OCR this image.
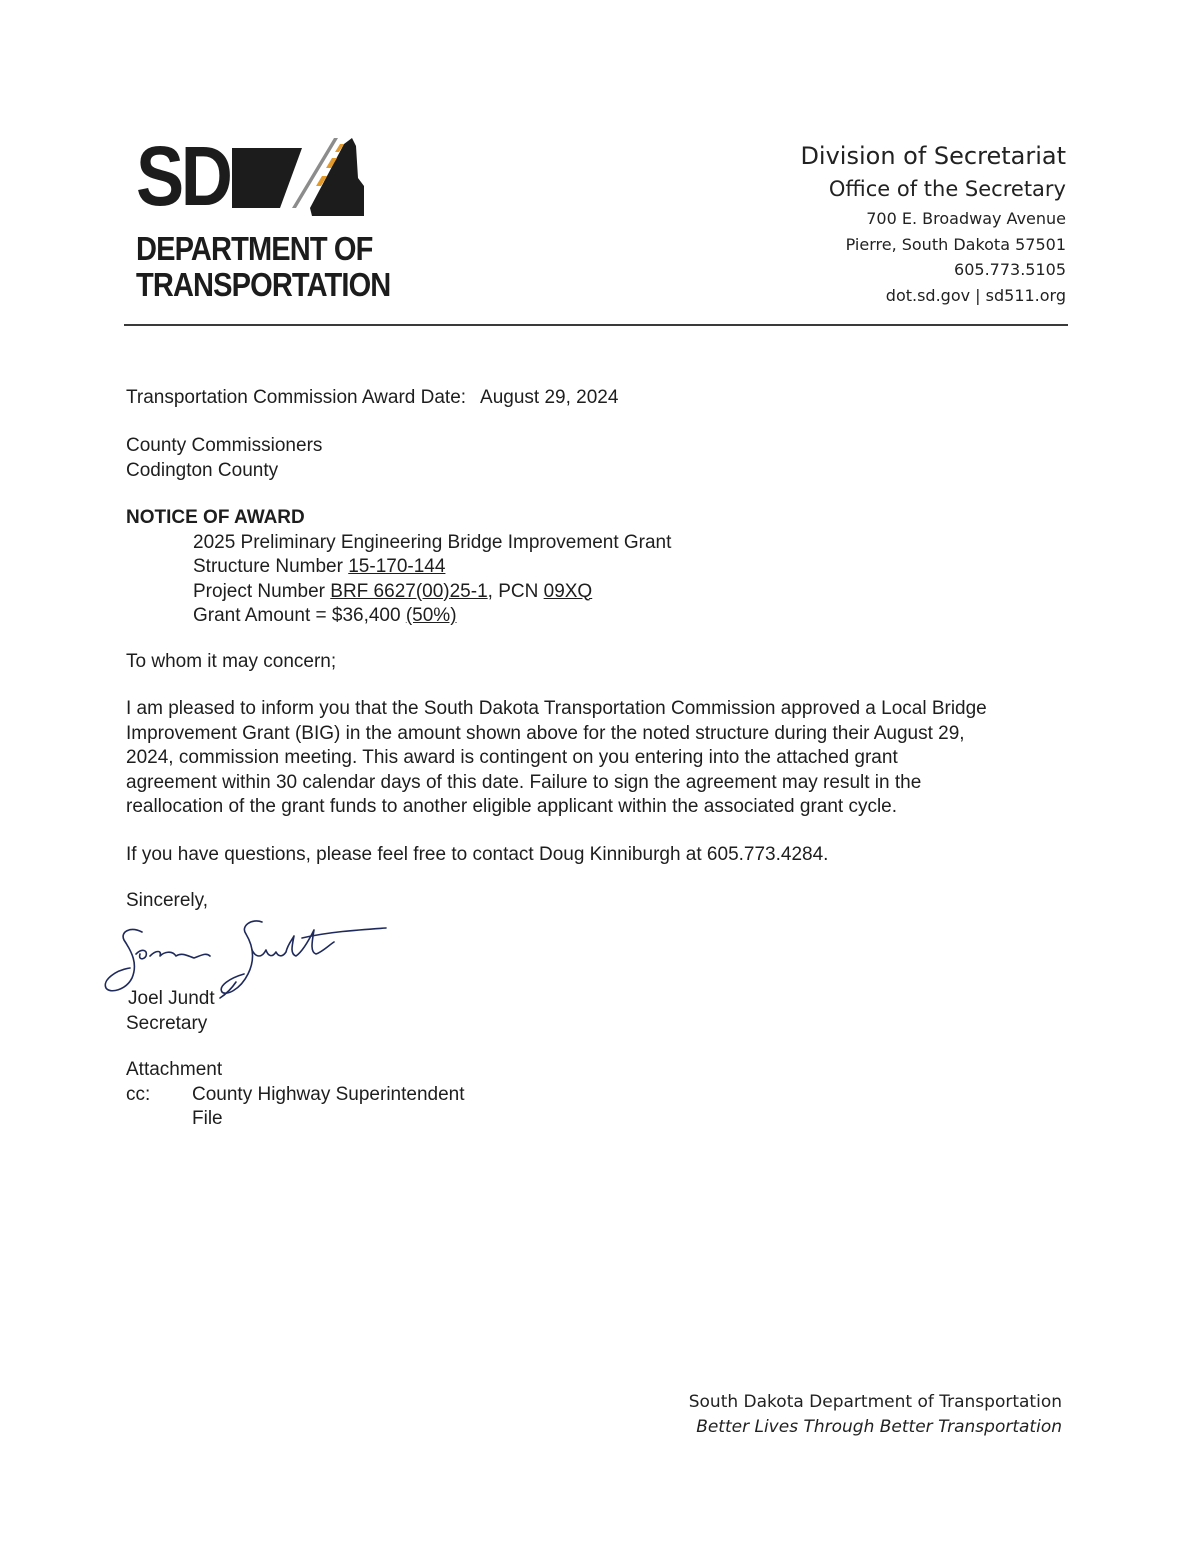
SD
DEPARTMENT OF
TRANSPORTATION
Division of Secretariat
Office of the Secretary
700 E. Broadway Avenue
Pierre, South Dakota 57501
605.773.5105
dot.sd.gov | sd511.org
Transportation Commission Award Date: August 29, 2024
County Commissioners
Codington County
NOTICE OF AWARD
2025 Preliminary Engineering Bridge Improvement Grant
Structure Number 15-170-144
Project Number BRF 6627(00)25-1, PCN 09XQ
Grant Amount = $36,400 (50%)
To whom it may concern;
I am pleased to inform you that the South Dakota Transportation Commission approved a Local Bridge
Improvement Grant (BIG) in the amount shown above for the noted structure during their August 29,
2024, commission meeting. This award is contingent on you entering into the attached grant
agreement within 30 calendar days of this date. Failure to sign the agreement may result in the
reallocation of the grant funds to another eligible applicant within the associated grant cycle.
If you have questions, please feel free to contact Doug Kinniburgh at 605.773.4284.
Sincerely,
Joel Jundt
Secretary
Attachment
cc:	County Highway Superintendent
File
South Dakota Department of Transportation
Better Lives Through Better Transportation
